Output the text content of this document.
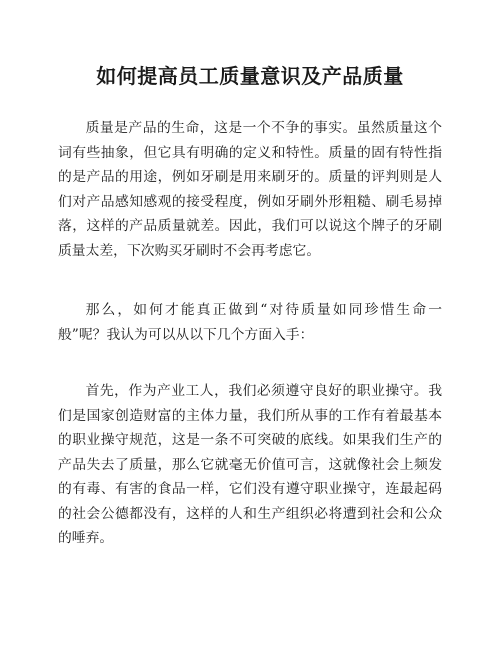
如何提高员工质量意识及产品质量

质量是产品的生命，这是一个不争的事实。虽然质量这个词有些抽象，但它具有明确的定义和特性。质量的固有特性指的是产品的用途，例如牙刷是用来刷牙的。质量的评判则是人们对产品感知感观的接受程度，例如牙刷外形粗糙、刷毛易掉落，这样的产品质量就差。因此，我们可以说这个牌子的牙刷质量太差，下次购买牙刷时不会再考虑它。

那么，如何才能真正做到“对待质量如同珍惜生命一般”呢？我认为可以从以下几个方面入手：

首先，作为产业工人，我们必须遵守良好的职业操守。我们是国家创造财富的主体力量，我们所从事的工作有着最基本的职业操守规范，这是一条不可突破的底线。如果我们生产的产品失去了质量，那么它就毫无价值可言，这就像社会上频发的有毒、有害的食品一样，它们没有遵守职业操守，连最起码的社会公德都没有，这样的人和生产组织必将遭到社会和公众的唾弃。
